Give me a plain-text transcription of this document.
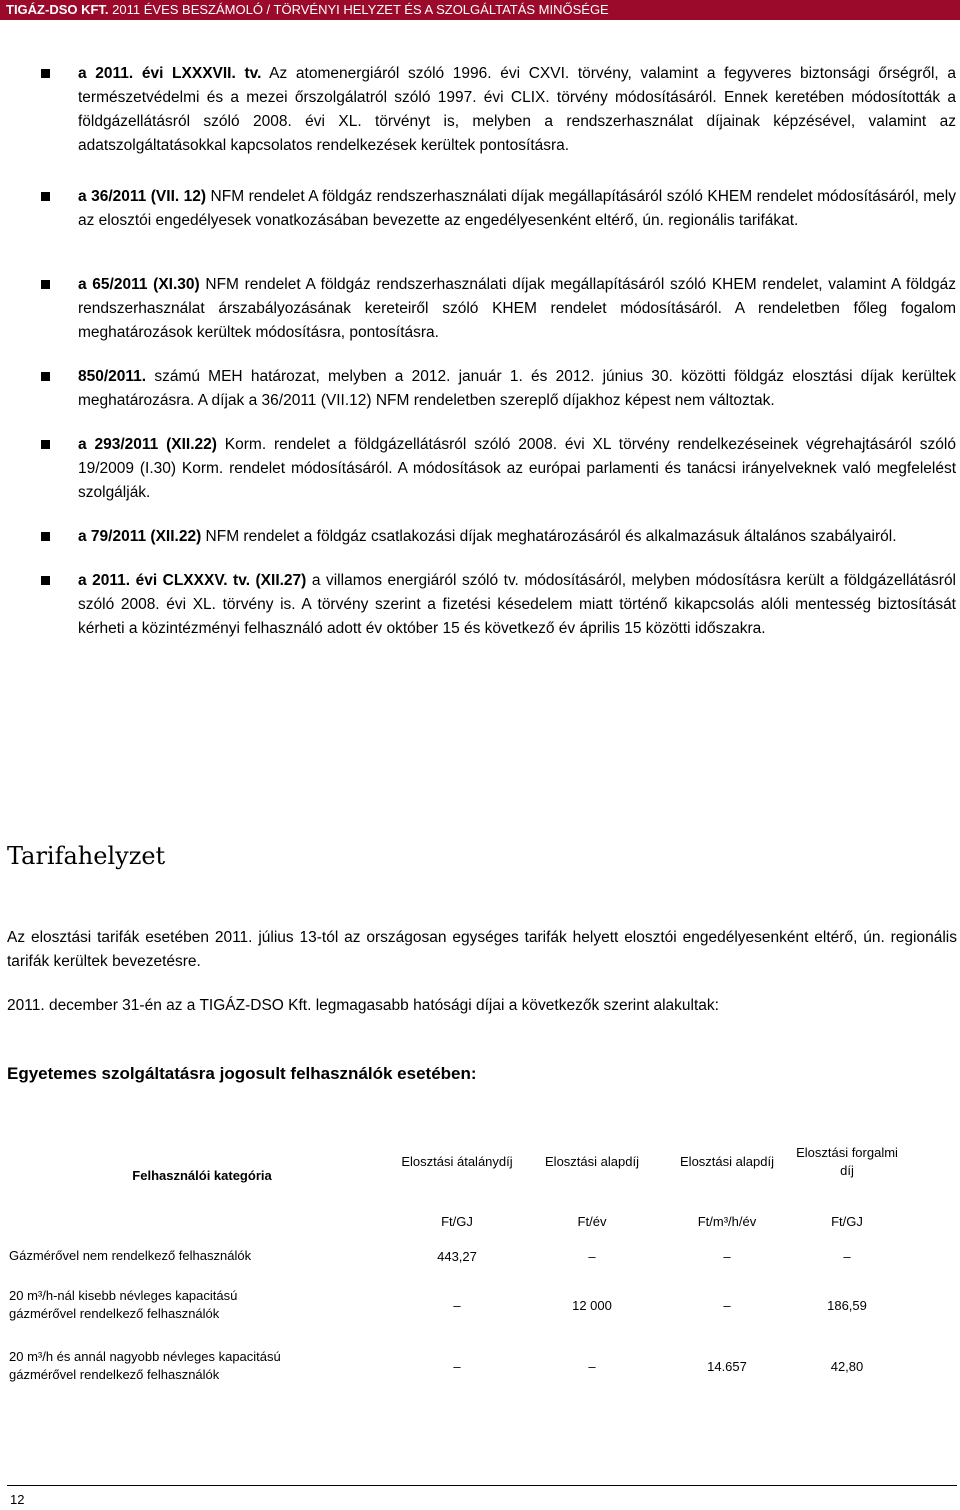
TIGÁZ-DSO KFT. 2011 ÉVES BESZÁMOLÓ / TÖRVÉNYI HELYZET ÉS A SZOLGÁLTATÁS MINŐSÉGE
a 2011. évi LXXXVII. tv. Az atomenergiáról szóló 1996. évi CXVI. törvény, valamint a fegyveres biztonsági őrségről, a természetvédelmi és a mezei őrszolgálatról szóló 1997. évi CLIX. törvény módosításáról. Ennek keretében módosították a földgázellátásról szóló 2008. évi XL. törvényt is, melyben a rendszerhasználat díjainak képzésével, valamint az adatszolgáltatásokkal kapcsolatos rendelkezések kerültek pontosításra.
a 36/2011 (VII. 12) NFM rendelet A földgáz rendszerhasználati díjak megállapításáról szóló KHEM rendelet módosításáról, mely az elosztói engedélyesek vonatkozásában bevezette az engedélyesenként eltérő, ún. regionális tarifákat.
a 65/2011 (XI.30) NFM rendelet A földgáz rendszerhasználati díjak megállapításáról szóló KHEM rendelet, valamint A földgáz rendszerhasználat árszabályozásának kereteiről szóló KHEM rendelet módosításáról. A rendeletben főleg fogalom meghatározások kerültek módosításra, pontosításra.
850/2011. számú MEH határozat, melyben a 2012. január 1. és 2012. június 30. közötti földgáz elosztási díjak kerültek meghatározásra. A díjak a 36/2011 (VII.12) NFM rendeletben szereplő díjakhoz képest nem változtak.
a 293/2011 (XII.22) Korm. rendelet a földgázellátásról szóló 2008. évi XL törvény rendelkezéseinek végrehajtásáról szóló 19/2009 (I.30) Korm. rendelet módosításáról. A módosítások az európai parlamenti és tanácsi irányelveknek való megfelelést szolgálják.
a 79/2011 (XII.22) NFM rendelet a földgáz csatlakozási díjak meghatározásáról és alkalmazásuk általános szabályairól.
a 2011. évi CLXXXV. tv. (XII.27) a villamos energiáról szóló tv. módosításáról, melyben módosításra került a földgázellátásról szóló 2008. évi XL. törvény is. A törvény szerint a fizetési késedelem miatt történő kikapcsolás alóli mentesség biztosítását kérheti a közintézményi felhasználó adott év október 15 és következő év április 15 közötti időszakra.
Tarifahelyzet
Az elosztási tarifák esetében 2011. július 13-tól az országosan egységes tarifák helyett elosztói engedélyesenként eltérő, ún. regionális tarifák kerültek bevezetésre.
2011. december 31-én az a TIGÁZ-DSO Kft. legmagasabb hatósági díjai a következők szerint alakultak:
Egyetemes szolgáltatásra jogosult felhasználók esetében:
Felhasználói kategória	Elosztási átalánydíj	Elosztási alapdíj	Elosztási alapdíj	Elosztási forgalmi díj
	Ft/GJ	Ft/év	Ft/m³/h/év	Ft/GJ
Gázmérővel nem rendelkező felhasználók	443,27	–	–	–
20 m³/h-nál kisebb névleges kapacitású gázmérővel rendelkező felhasználók	–	12 000	–	186,59
20 m³/h és annál nagyobb névleges kapacitású gázmérővel rendelkező felhasználók	–	–	14.657	42,80
12
